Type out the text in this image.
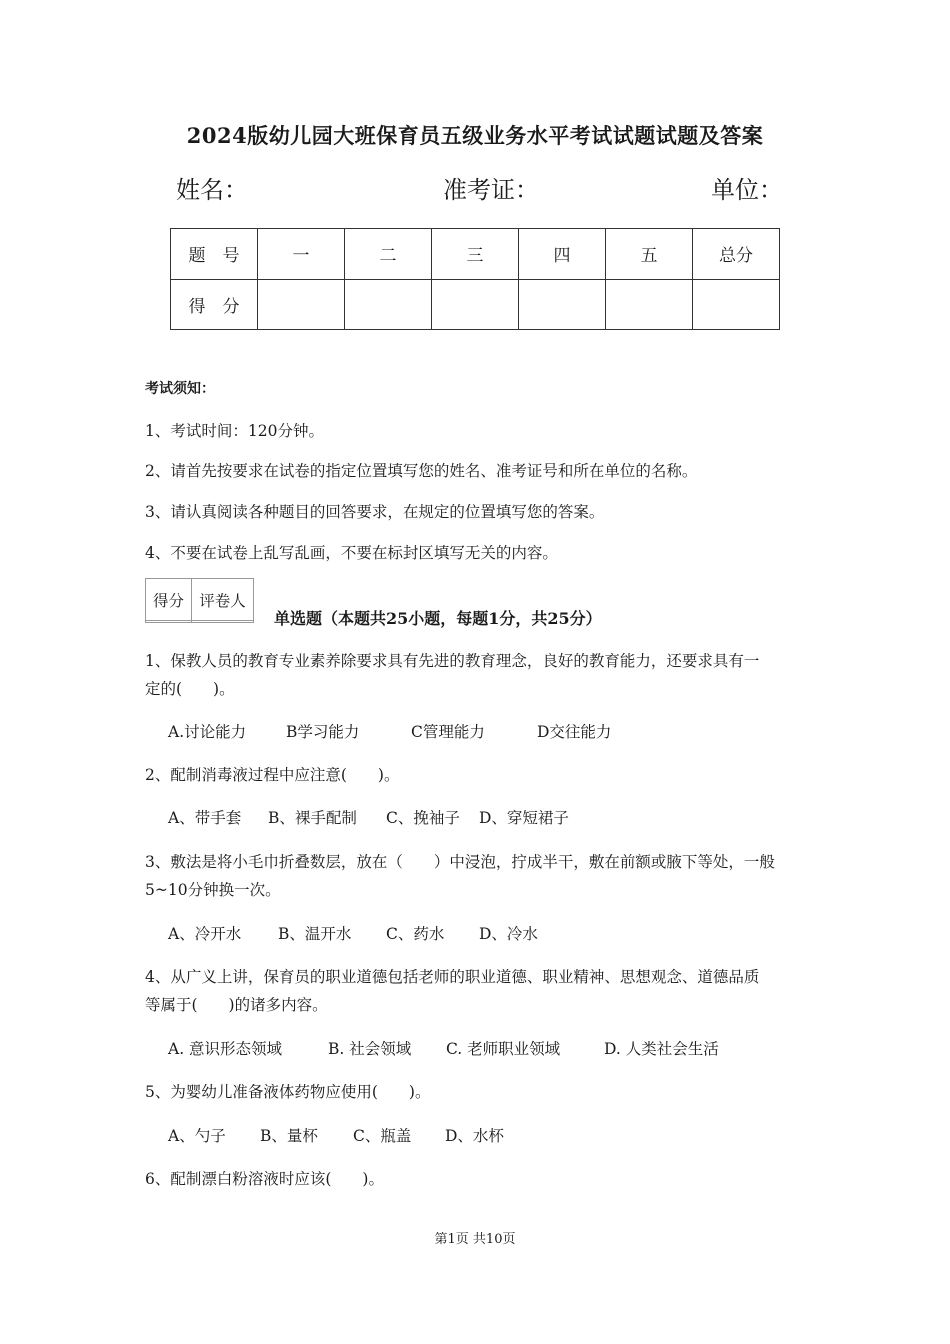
2024版幼儿园大班保育员五级业务水平考试试题试题及答案
姓名：	准考证：	单位：
题　号	一	二	三	四	五	总分
得　分						
考试须知：
1、考试时间：120分钟。
2、请首先按要求在试卷的指定位置填写您的姓名、准考证号和所在单位的名称。
3、请认真阅读各种题目的回答要求，在规定的位置填写您的答案。
4、不要在试卷上乱写乱画，不要在标封区填写无关的内容。
得分	评卷人

单选题（本题共25小题，每题1分，共25分）
1、保教人员的教育专业素养除要求具有先进的教育理念，良好的教育能力，还要求具有一
定的(　　)。
A.讨论能力	B学习能力	C管理能力	D交往能力
2、配制消毒液过程中应注意(　　)。
A、带手套 B、裸手配制 C、挽袖子 D、穿短裙子
3、敷法是将小毛巾折叠数层，放在（　　）中浸泡，拧成半干，敷在前额或腋下等处，一般
5~10分钟换一次。
A、冷开水 B、温开水 C、药水 D、冷水
4、从广义上讲，保育员的职业道德包括老师的职业道德、职业精神、思想观念、道德品质
等属于(　　)的诸多内容。
A. 意识形态领域	B. 社会领域 C. 老师职业领域	D. 人类社会生活
5、为婴幼儿准备液体药物应使用(　　)。
A、勺子 B、量杯 C、瓶盖 D、水杯
6、配制漂白粉溶液时应该(　　)。
第1页 共10页
